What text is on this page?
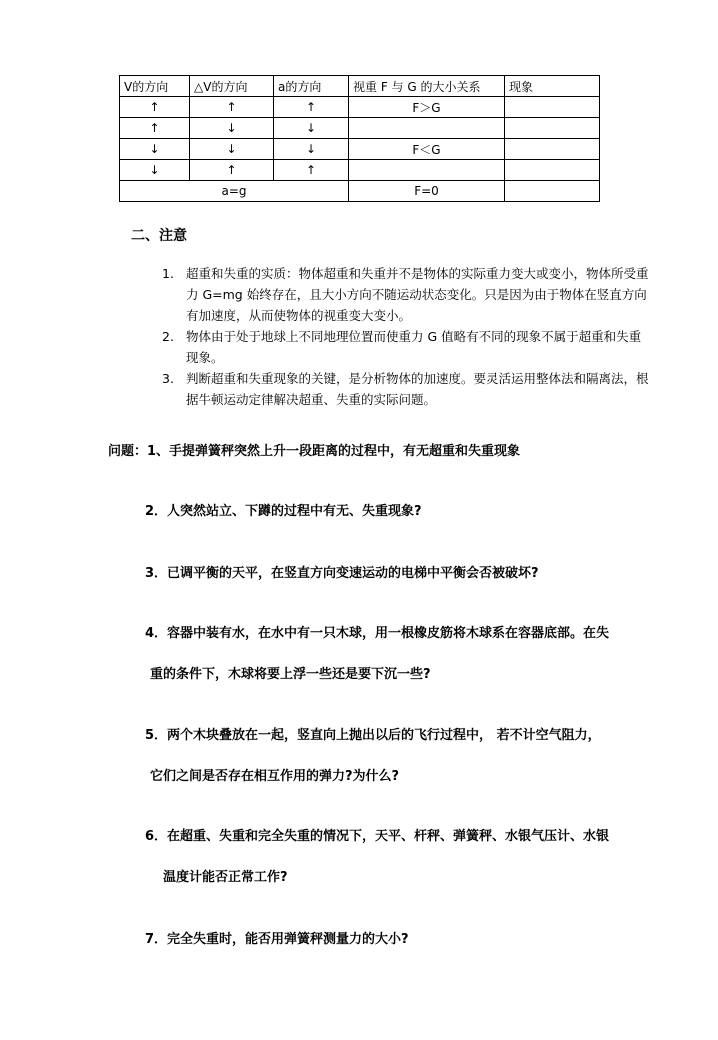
V的方向	△V的方向	a的方向	视重 F 与 G 的大小关系	现象
↑	↑	↑	F＞G	
↑	↓	↓		
↓	↓	↓	F＜G	
↓	↑	↑		
a=g			F=0	
二、注意
1. 超重和失重的实质：物体超重和失重并不是物体的实际重力变大或变小，物体所受重力 G=mg 始终存在，且大小方向不随运动状态变化。只是因为由于物体在竖直方向有加速度，从而使物体的视重变大变小。
2. 物体由于处于地球上不同地理位置而使重力 G 值略有不同的现象不属于超重和失重现象。
3. 判断超重和失重现象的关键，是分析物体的加速度。要灵活运用整体法和隔离法，根据牛顿运动定律解决超重、失重的实际问题。
问题：1、手提弹簧秤突然上升一段距离的过程中，有无超重和失重现象
2．人突然站立、下蹲的过程中有无、失重现象?
3．已调平衡的天平，在竖直方向变速运动的电梯中平衡会否被破坏?
4．容器中装有水，在水中有一只木球，用一根橡皮筋将木球系在容器底部。在失
重的条件下，木球将要上浮一些还是要下沉一些?
5．两个木块叠放在一起，竖直向上抛出以后的飞行过程中， 若不计空气阻力，
它们之间是否存在相互作用的弹力?为什么?
6．在超重、失重和完全失重的情况下，天平、杆秤、弹簧秤、水银气压计、水银
温度计能否正常工作?
7．完全失重时，能否用弹簧秤测量力的大小?
